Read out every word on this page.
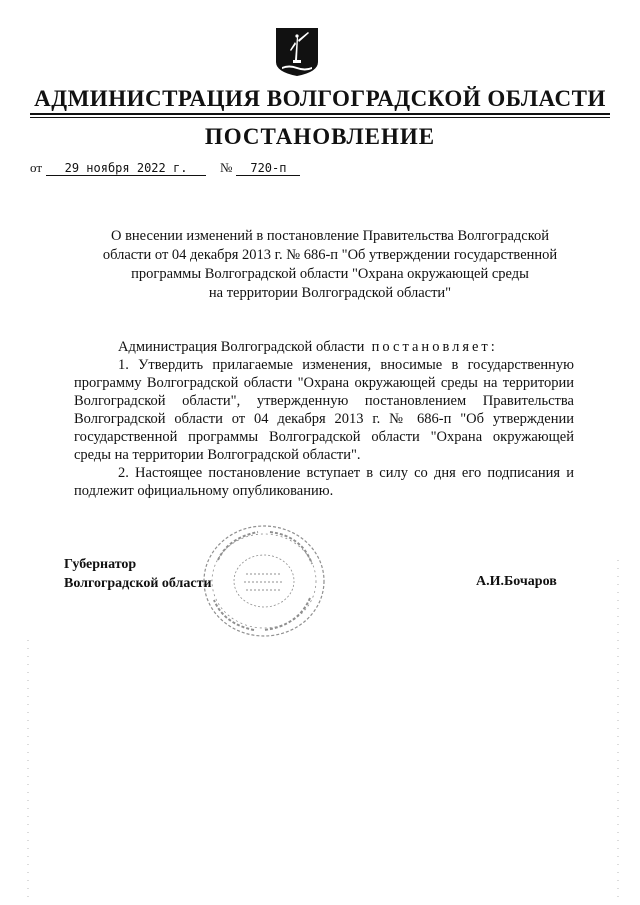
АДМИНИСТРАЦИЯ ВОЛГОГРАДСКОЙ ОБЛАСТИ
ПОСТАНОВЛЕНИЕ
от 29 ноября 2022 г.	№ 720-п
О внесении изменений в постановление Правительства Волгоградской
области от 04 декабря 2013 г. № 686-п "Об утверждении государственной
программы Волгоградской области "Охрана окружающей среды
на территории Волгоградской области"

Администрация Волгоградской области постановляет:

1. Утвердить прилагаемые изменения, вносимые в государственную программу Волгоградской области "Охрана окружающей среды на территории Волгоградской области", утвержденную постановлением Правительства Волгоградской области от 04 декабря 2013 г. № 686-п "Об утверждении государственной программы Волгоградской области "Охрана окружающей среды на территории Волгоградской области".

2. Настоящее постановление вступает в силу со дня его подписания и подлежит официальному опубликованию.

Губернатор
Волгоградской области	А.И.Бочаров
